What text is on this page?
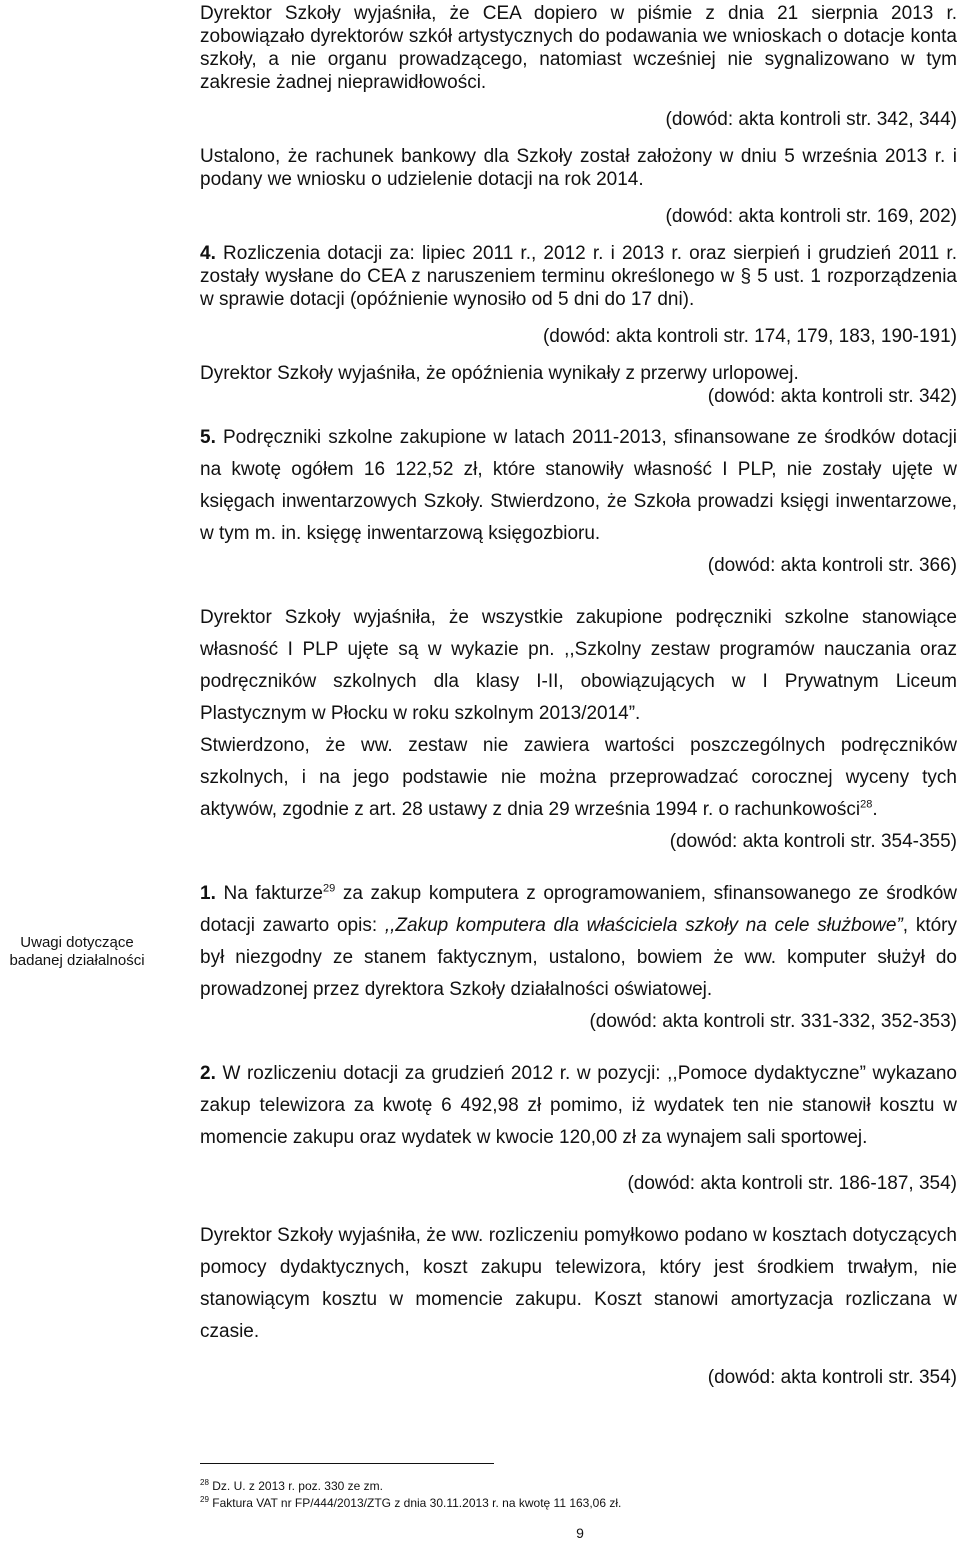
Uwagi dotyczące badanej działalności

Dyrektor Szkoły wyjaśniła, że CEA dopiero w piśmie z dnia 21 sierpnia 2013 r. zobowiązało dyrektorów szkół artystycznych do podawania we wnioskach o dotacje konta szkoły, a nie organu prowadzącego, natomiast wcześniej nie sygnalizowano w tym zakresie żadnej nieprawidłowości.

(dowód: akta kontroli str. 342, 344)

Ustalono, że rachunek bankowy dla Szkoły został założony w dniu 5 września 2013 r. i podany we wniosku o udzielenie dotacji na rok 2014.

(dowód: akta kontroli str. 169, 202)

4. Rozliczenia dotacji za: lipiec 2011 r., 2012 r. i 2013 r. oraz sierpień i grudzień 2011 r. zostały wysłane do CEA z naruszeniem terminu określonego w § 5 ust. 1 rozporządzenia w sprawie dotacji (opóźnienie wynosiło od 5 dni do 17 dni).

(dowód: akta kontroli str. 174, 179, 183, 190-191)

Dyrektor Szkoły wyjaśniła, że opóźnienia wynikały z przerwy urlopowej.

(dowód: akta kontroli str. 342)

5. Podręczniki szkolne zakupione w latach 2011-2013, sfinansowane ze środków dotacji na kwotę ogółem 16 122,52 zł, które stanowiły własność I PLP, nie zostały ujęte w księgach inwentarzowych Szkoły. Stwierdzono, że Szkoła prowadzi księgi inwentarzowe, w tym m. in. księgę inwentarzową księgozbioru.

(dowód: akta kontroli str. 366)

Dyrektor Szkoły wyjaśniła, że wszystkie zakupione podręczniki szkolne stanowiące własność I PLP ujęte są w wykazie pn. ,,Szkolny zestaw programów nauczania oraz podręczników szkolnych dla klasy I-II, obowiązujących w I Prywatnym Liceum Plastycznym w Płocku w roku szkolnym 2013/2014”.

Stwierdzono, że ww. zestaw nie zawiera wartości poszczególnych podręczników szkolnych, i na jego podstawie nie można przeprowadzać corocznej wyceny tych aktywów, zgodnie z art. 28 ustawy z dnia 29 września 1994 r. o rachunkowości$^{28}$.

(dowód: akta kontroli str. 354-355)

1. Na fakturze$^{29}$ za zakup komputera z oprogramowaniem, sfinansowanego ze środków dotacji zawarto opis: ,,Zakup komputera dla właściciela szkoły na cele służbowe”, który był niezgodny ze stanem faktycznym, ustalono, bowiem że ww. komputer służył do prowadzonej przez dyrektora Szkoły działalności oświatowej.

(dowód: akta kontroli str. 331-332, 352-353)

2. W rozliczeniu dotacji za grudzień 2012 r. w pozycji: ,,Pomoce dydaktyczne” wykazano zakup telewizora za kwotę 6 492,98 zł pomimo, iż wydatek ten nie stanowił kosztu w momencie zakupu oraz wydatek w kwocie 120,00 zł za wynajem sali sportowej.

(dowód: akta kontroli str. 186-187, 354)

Dyrektor Szkoły wyjaśniła, że ww. rozliczeniu pomyłkowo podano w kosztach dotyczących pomocy dydaktycznych, koszt zakupu telewizora, który jest środkiem trwałym, nie stanowiącym kosztu w momencie zakupu. Koszt stanowi amortyzacja rozliczana w czasie.

(dowód: akta kontroli str. 354)

$^{28}$ Dz. U. z 2013 r. poz. 330 ze zm.

$^{29}$ Faktura VAT nr FP/444/2013/ZTG z dnia 30.11.2013 r. na kwotę 11 163,06 zł.

9
